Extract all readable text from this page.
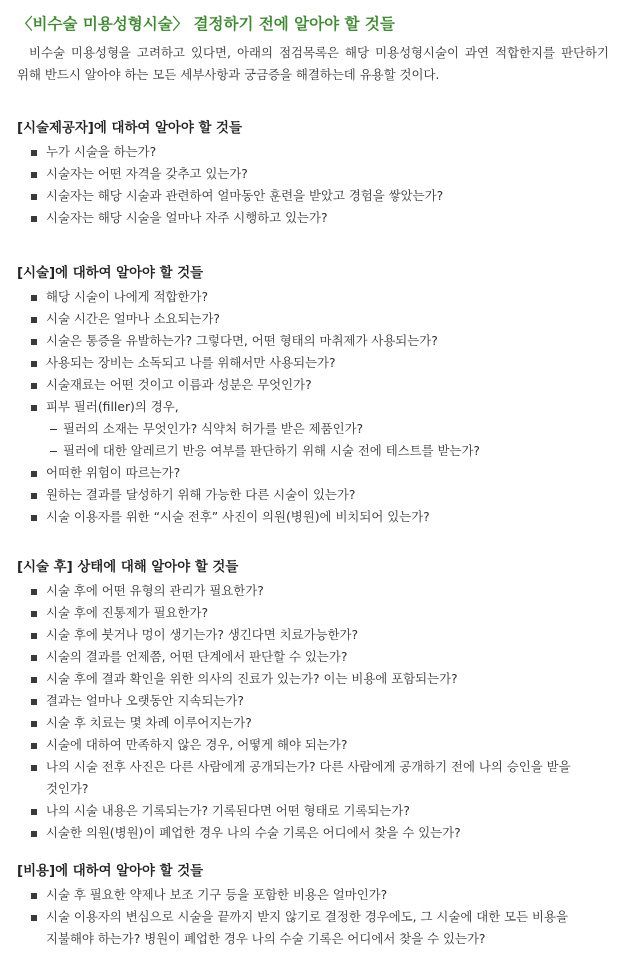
〈비수술 미용성형시술〉 결정하기 전에 알아야 할 것들
비수술 미용성형을 고려하고 있다면, 아래의 점검목록은 해당 미용성형시술이 과연 적합한지를 판단하기 위해 반드시 알아야 하는 모든 세부사항과 궁금증을 해결하는데 유용할 것이다.
[시술제공자]에 대하여 알아야 할 것들
누가 시술을 하는가?
시술자는 어떤 자격을 갖추고 있는가?
시술자는 해당 시술과 관련하여 얼마동안 훈련을 받았고 경험을 쌓았는가?
시술자는 해당 시술을 얼마나 자주 시행하고 있는가?
[시술]에 대하여 알아야 할 것들
해당 시술이 나에게 적합한가?
시술 시간은 얼마나 소요되는가?
시술은 통증을 유발하는가? 그렇다면, 어떤 형태의 마취제가 사용되는가?
사용되는 장비는 소독되고 나를 위해서만 사용되는가?
시술재료는 어떤 것이고 이름과 성분은 무엇인가?
피부 필러(filler)의 경우,
필러의 소재는 무엇인가? 식약처 허가를 받은 제품인가?
필러에 대한 알레르기 반응 여부를 판단하기 위해 시술 전에 테스트를 받는가?
어떠한 위험이 따르는가?
원하는 결과를 달성하기 위해 가능한 다른 시술이 있는가?
시술 이용자를 위한 “시술 전후” 사진이 의원(병원)에 비치되어 있는가?
[시술 후] 상태에 대해 알아야 할 것들
시술 후에 어떤 유형의 관리가 필요한가?
시술 후에 진통제가 필요한가?
시술 후에 붓거나 멍이 생기는가? 생긴다면 치료가능한가?
시술의 결과를 언제쯤, 어떤 단계에서 판단할 수 있는가?
시술 후에 결과 확인을 위한 의사의 진료가 있는가? 이는 비용에 포함되는가?
결과는 얼마나 오랫동안 지속되는가?
시술 후 치료는 몇 차례 이루어지는가?
시술에 대하여 만족하지 않은 경우, 어떻게 해야 되는가?
나의 시술 전후 사진은 다른 사람에게 공개되는가? 다른 사람에게 공개하기 전에 나의 승인을 받을 것인가?
나의 시술 내용은 기록되는가? 기록된다면 어떤 형태로 기록되는가?
시술한 의원(병원)이 폐업한 경우 나의 수술 기록은 어디에서 찾을 수 있는가?
[비용]에 대하여 알아야 할 것들
시술 후 필요한 약제나 보조 기구 등을 포함한 비용은 얼마인가?
시술 이용자의 변심으로 시술을 끝까지 받지 않기로 결정한 경우에도, 그 시술에 대한 모든 비용을 지불해야 하는가? 병원이 폐업한 경우 나의 수술 기록은 어디에서 찾을 수 있는가?
